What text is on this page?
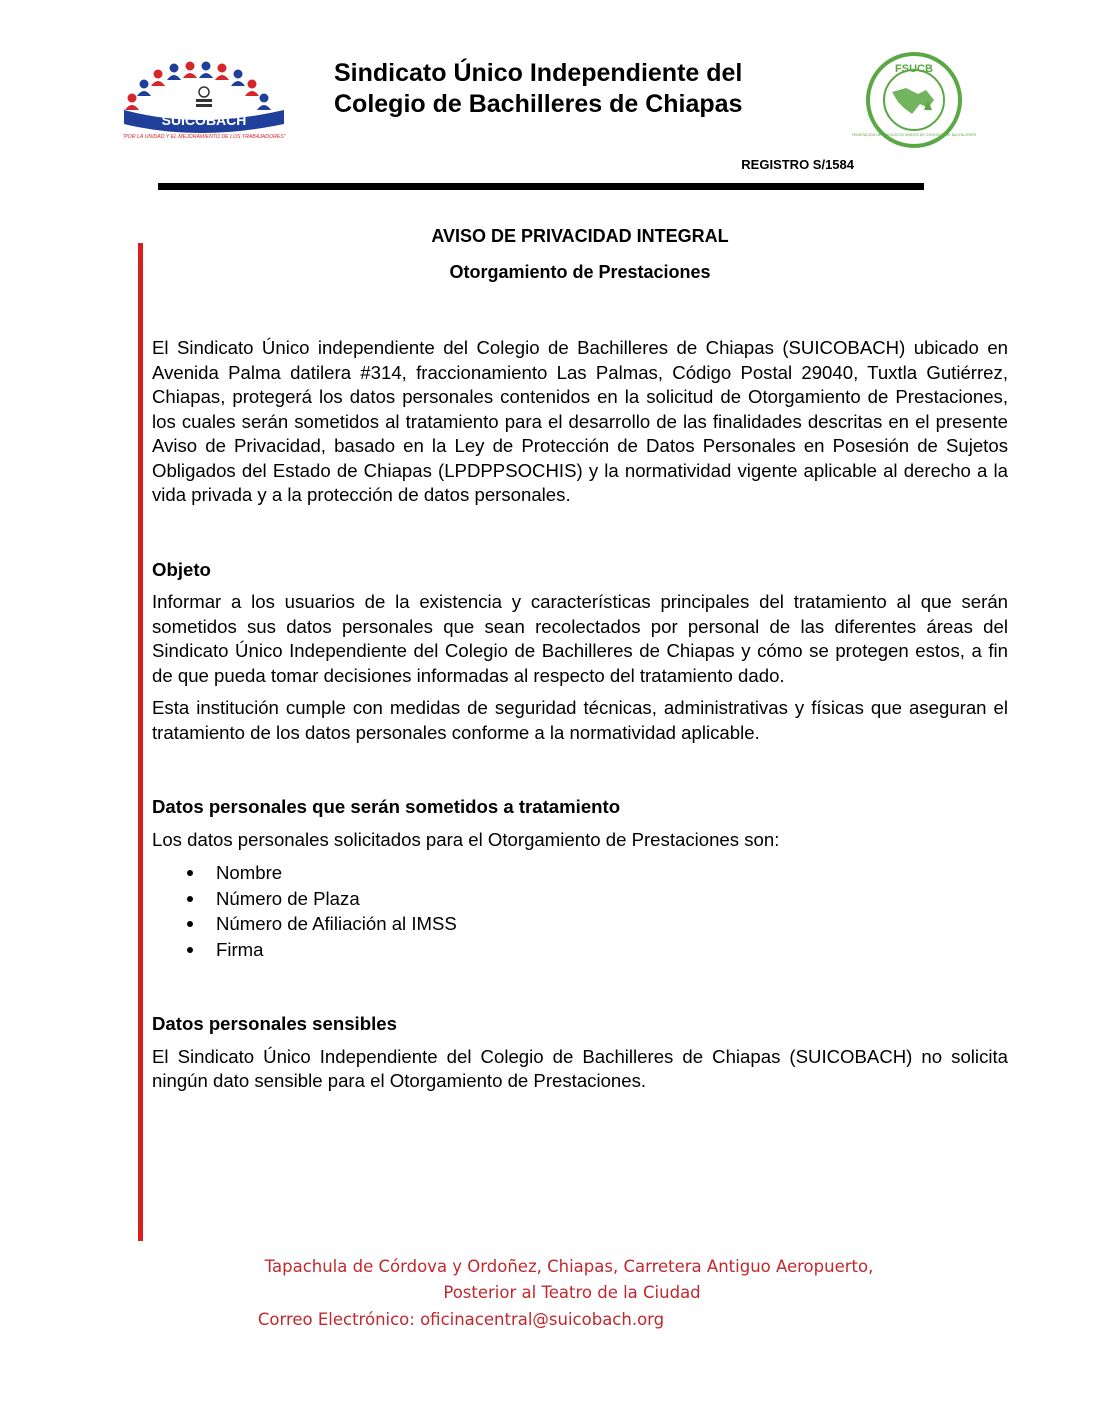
SUICOBACH
"POR LA UNIDAD Y EL MEJORAMIENTO DE LOS TRABAJADORES"
Sindicato Único Independiente del
Colegio de Bachilleres de Chiapas
FSUCB
FEDERACIÓN DE SINDICATOS UNIDOS DE COLEGIOS DE BACHILLERES
REGISTRO S/1584
AVISO DE PRIVACIDAD INTEGRAL
Otorgamiento de Prestaciones

El Sindicato Único independiente del Colegio de Bachilleres de Chiapas (SUICOBACH) ubicado en Avenida Palma datilera #314, fraccionamiento Las Palmas, Código Postal 29040, Tuxtla Gutiérrez, Chiapas, protegerá los datos personales contenidos en la solicitud de Otorgamiento de Prestaciones, los cuales serán sometidos al tratamiento para el desarrollo de las finalidades descritas en el presente Aviso de Privacidad, basado en la Ley de Protección de Datos Personales en Posesión de Sujetos Obligados del Estado de Chiapas (LPDPPSOCHIS) y la normatividad vigente aplicable al derecho a la vida privada y a la protección de datos personales.

Objeto

Informar a los usuarios de la existencia y características principales del tratamiento al que serán sometidos sus datos personales que sean recolectados por personal de las diferentes áreas del Sindicato Único Independiente del Colegio de Bachilleres de Chiapas y cómo se protegen estos, a fin de que pueda tomar decisiones informadas al respecto del tratamiento dado.

Esta institución cumple con medidas de seguridad técnicas, administrativas y físicas que aseguran el tratamiento de los datos personales conforme a la normatividad aplicable.

Datos personales que serán sometidos a tratamiento

Los datos personales solicitados para el Otorgamiento de Prestaciones son:

Nombre
Número de Plaza
Número de Afiliación al IMSS
Firma

Datos personales sensibles

El Sindicato Único Independiente del Colegio de Bachilleres de Chiapas (SUICOBACH) no solicita ningún dato sensible para el Otorgamiento de Prestaciones.

Tapachula de Córdova y Ordoñez, Chiapas, Carretera Antiguo Aeropuerto,
Posterior al Teatro de la Ciudad
Correo Electrónico: oficinacentral@suicobach.org
